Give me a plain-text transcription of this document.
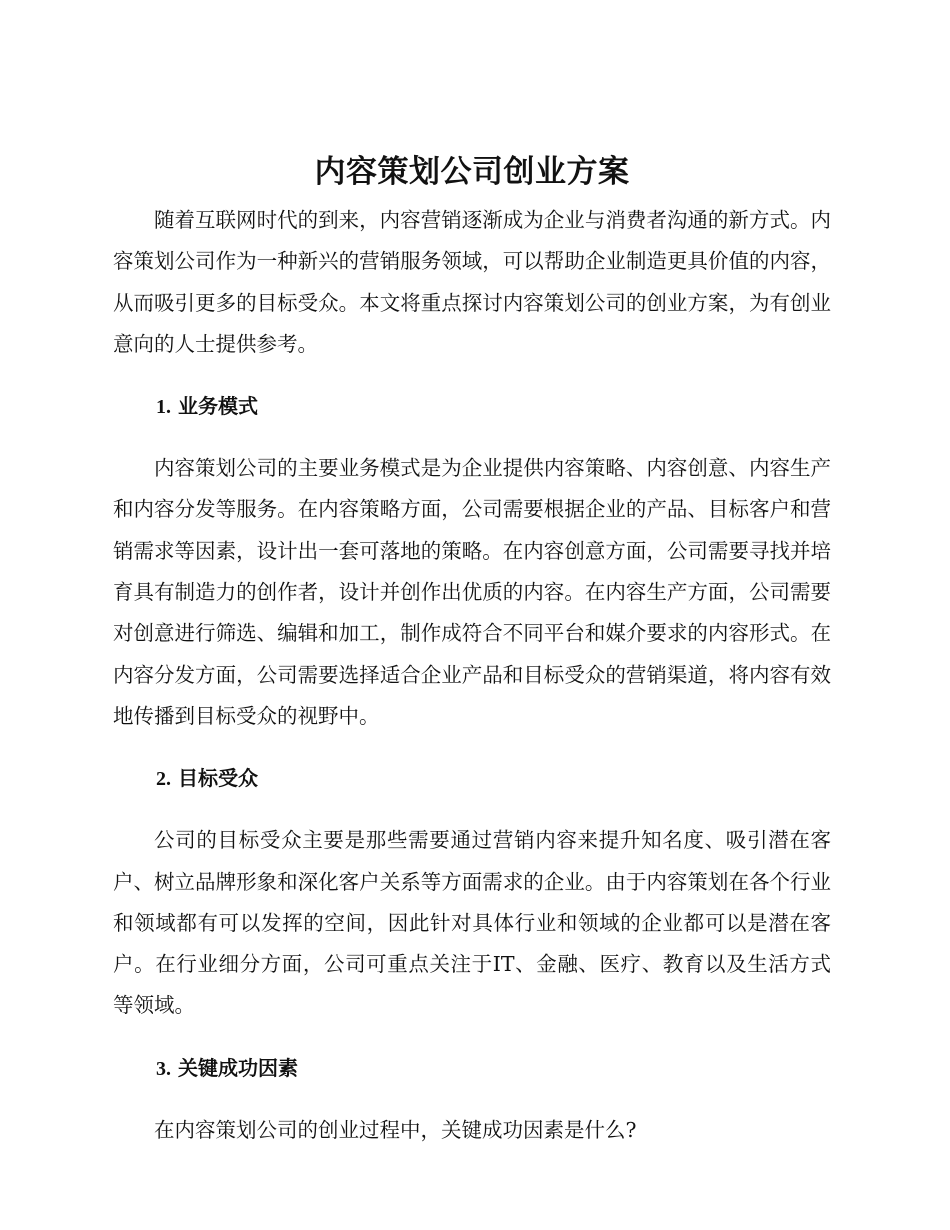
内容策划公司创业方案

随着互联网时代的到来，内容营销逐渐成为企业与消费者沟通的新方式。内容策划公司作为一种新兴的营销服务领域，可以帮助企业制造更具价值的内容，从而吸引更多的目标受众。本文将重点探讨内容策划公司的创业方案，为有创业意向的人士提供参考。

1. 业务模式

内容策划公司的主要业务模式是为企业提供内容策略、内容创意、内容生产和内容分发等服务。在内容策略方面，公司需要根据企业的产品、目标客户和营销需求等因素，设计出一套可落地的策略。在内容创意方面，公司需要寻找并培育具有制造力的创作者，设计并创作出优质的内容。在内容生产方面，公司需要对创意进行筛选、编辑和加工，制作成符合不同平台和媒介要求的内容形式。在内容分发方面，公司需要选择适合企业产品和目标受众的营销渠道，将内容有效地传播到目标受众的视野中。

2. 目标受众

公司的目标受众主要是那些需要通过营销内容来提升知名度、吸引潜在客户、树立品牌形象和深化客户关系等方面需求的企业。由于内容策划在各个行业和领域都有可以发挥的空间，因此针对具体行业和领域的企业都可以是潜在客户。在行业细分方面，公司可重点关注于IT、金融、医疗、教育以及生活方式等领域。

3. 关键成功因素

在内容策划公司的创业过程中，关键成功因素是什么?
